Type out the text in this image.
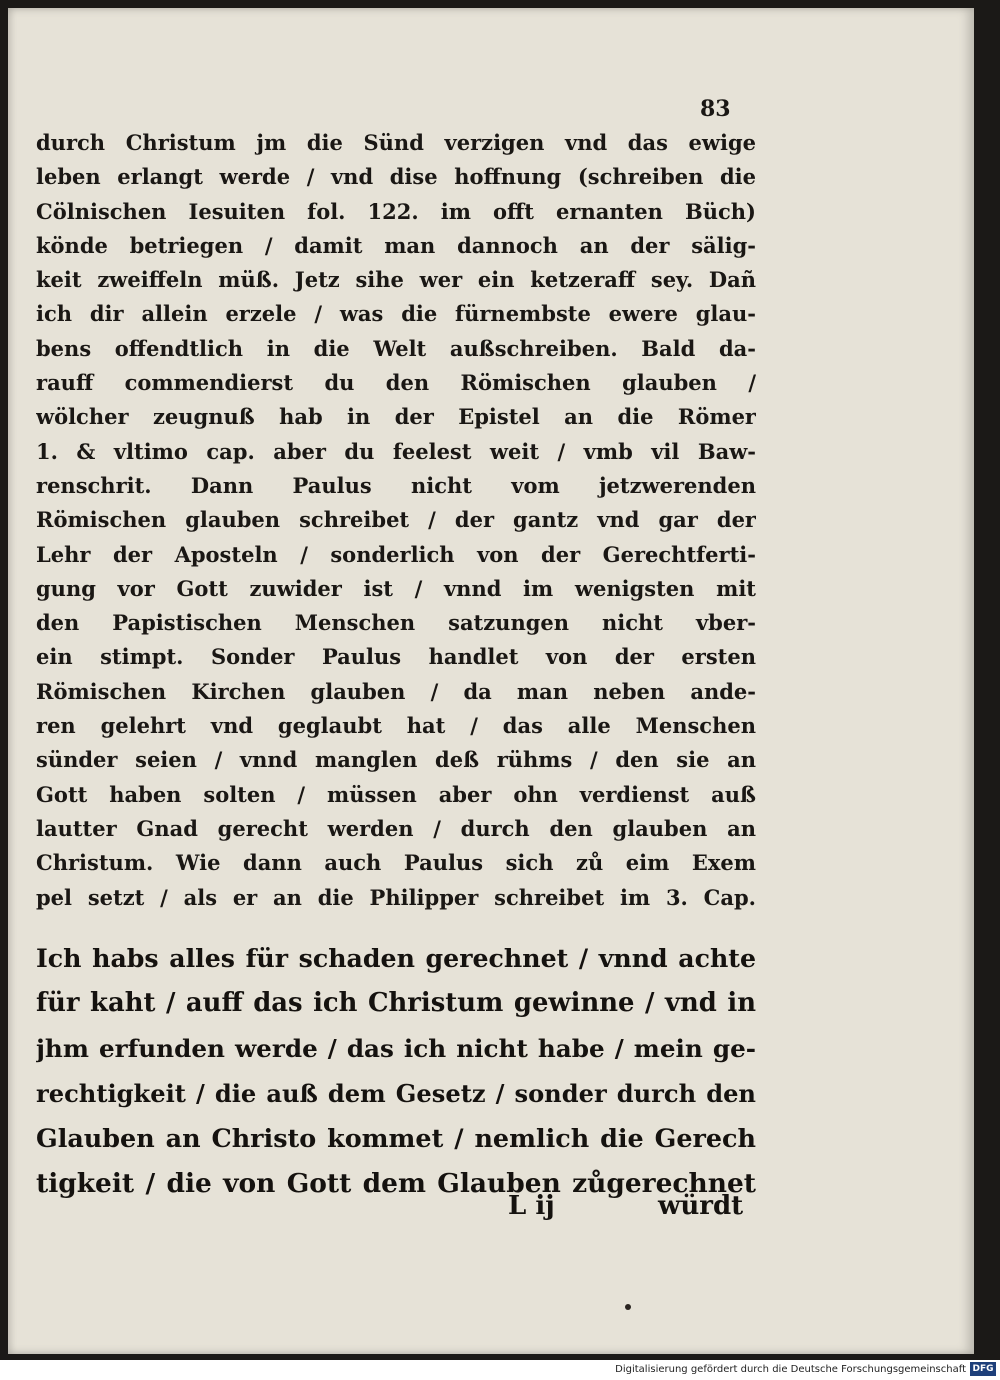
83
durch Christum jm die Sünd verzigen vnd das ewige
leben erlangt werde / vnd dise hoffnung (schreiben die
Cölnischen Iesuiten fol. 122. im offt ernanten Büch)
könde betriegen / damit man dannoch an der sälig-
keit zweiffeln müß. Jetz sihe wer ein ketzeraff sey. Dañ
ich dir allein erzele / was die fürnembste ewere glau-
bens offendtlich in die Welt außschreiben. Bald da-
rauff commendierst du den Römischen glauben /
wölcher zeugnuß hab in der Epistel an die Römer
1. & vltimo cap. aber du feelest weit / vmb vil Baw-
renschrit. Dann Paulus nicht vom jetzwerenden
Römischen glauben schreibet / der gantz vnd gar der
Lehr der Aposteln / sonderlich von der Gerechtferti-
gung vor Gott zuwider ist / vnnd im wenigsten mit
den Papistischen Menschen satzungen nicht vber-
ein stimpt. Sonder Paulus handlet von der ersten
Römischen Kirchen glauben / da man neben ande-
ren gelehrt vnd geglaubt hat / das alle Menschen
sünder seien / vnnd manglen deß rühms / den sie an
Gott haben solten / müssen aber ohn verdienst auß
lautter Gnad gerecht werden / durch den glauben an
Christum. Wie dann auch Paulus sich zů eim Exem
pel setzt / als er an die Philipper schreibet im 3. Cap.
Ich habs alles für schaden gerechnet / vnnd achte
für kaht / auff das ich Christum gewinne / vnd in
jhm erfunden werde / das ich nicht habe / mein ge-
rechtigkeit / die auß dem Gesetz / sonder durch den
Glauben an Christo kommet / nemlich die Gerech
tigkeit / die von Gott dem Glauben zůgerechnet
L ij	würdt
Digitalisierung gefördert durch die Deutsche Forschungsgemeinschaft DFG
